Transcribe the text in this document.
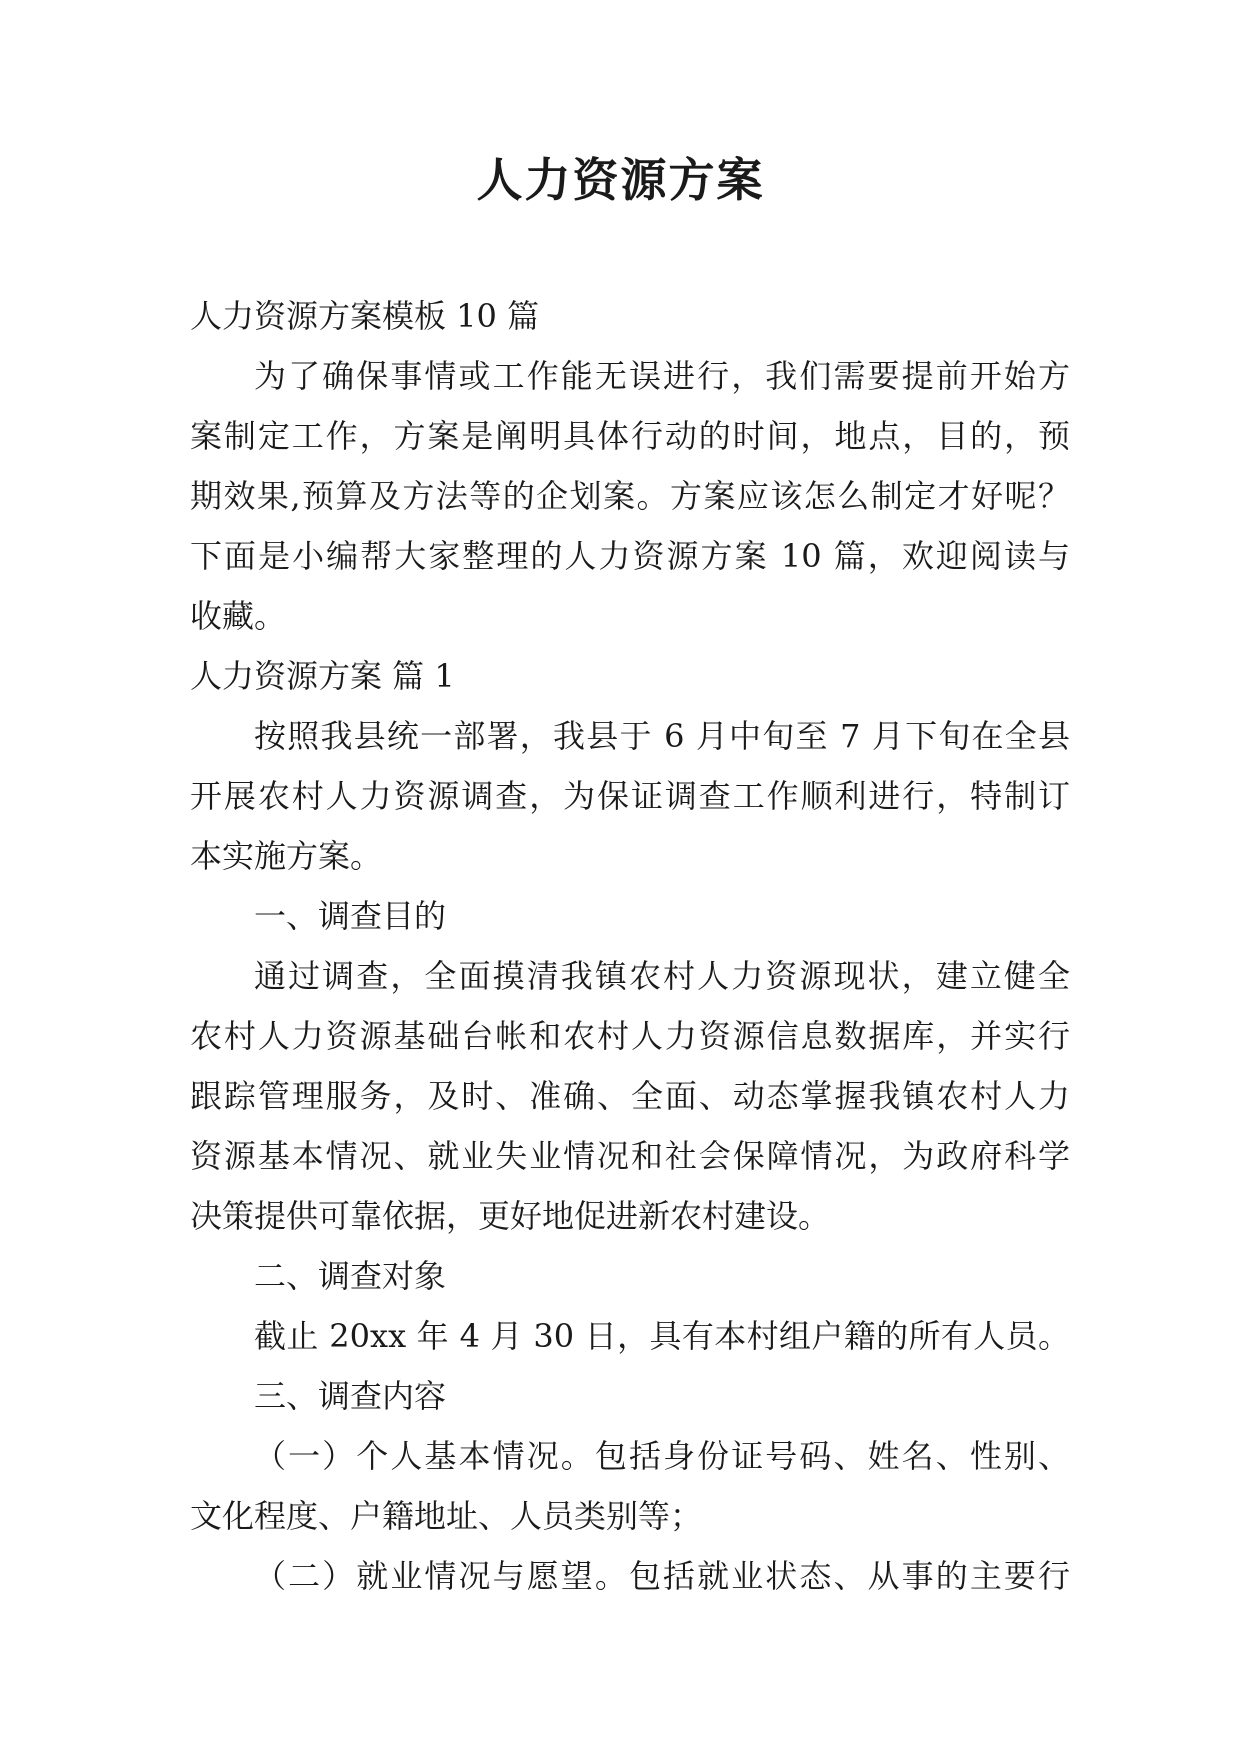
人力资源方案
人力资源方案模板 10 篇
为了确保事情或工作能无误进行，我们需要提前开始方
案制定工作，方案是阐明具体行动的时间，地点，目的，预
期效果,预算及方法等的企划案。方案应该怎么制定才好呢？
下面是小编帮大家整理的人力资源方案 10 篇，欢迎阅读与
收藏。
人力资源方案 篇 1
按照我县统一部署，我县于 6 月中旬至 7 月下旬在全县
开展农村人力资源调查，为保证调查工作顺利进行，特制订
本实施方案。
一、调查目的
通过调查，全面摸清我镇农村人力资源现状，建立健全
农村人力资源基础台帐和农村人力资源信息数据库，并实行
跟踪管理服务，及时、准确、全面、动态掌握我镇农村人力
资源基本情况、就业失业情况和社会保障情况，为政府科学
决策提供可靠依据，更好地促进新农村建设。
二、调查对象
截止 20xx 年 4 月 30 日，具有本村组户籍的所有人员。
三、调查内容
（一）个人基本情况。包括身份证号码、姓名、性别、
文化程度、户籍地址、人员类别等；
（二）就业情况与愿望。包括就业状态、从事的主要行
